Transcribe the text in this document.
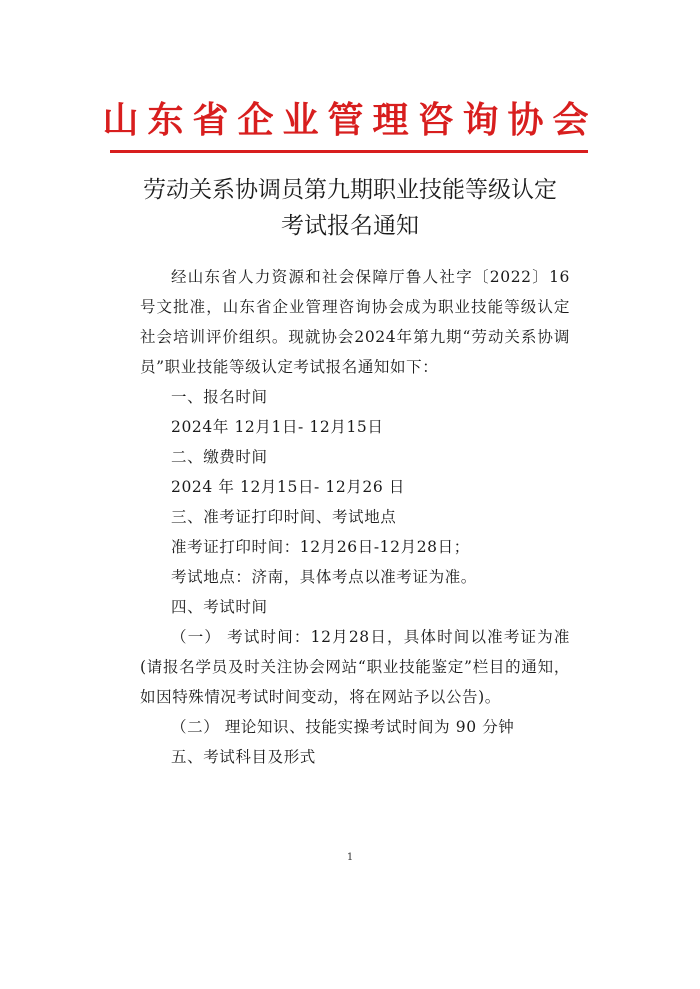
山东省企业管理咨询协会
劳动关系协调员第九期职业技能等级认定
考试报名通知

经山东省人力资源和社会保障厅鲁人社字〔2022〕16号文批准，山东省企业管理咨询协会成为职业技能等级认定社会培训评价组织。现就协会2024年第九期“劳动关系协调员”职业技能等级认定考试报名通知如下：

一、报名时间

2024年 12月1日- 12月15日

二、缴费时间

2024 年 12月15日- 12月26 日

三、准考证打印时间、考试地点

准考证打印时间：12月26日-12月28日；

考试地点：济南，具体考点以准考证为准。

四、考试时间

（一） 考试时间：12月28日，具体时间以准考证为准(请报名学员及时关注协会网站“职业技能鉴定”栏目的通知，如因特殊情况考试时间变动，将在网站予以公告)。

（二） 理论知识、技能实操考试时间为 90 分钟

五、考试科目及形式

1
